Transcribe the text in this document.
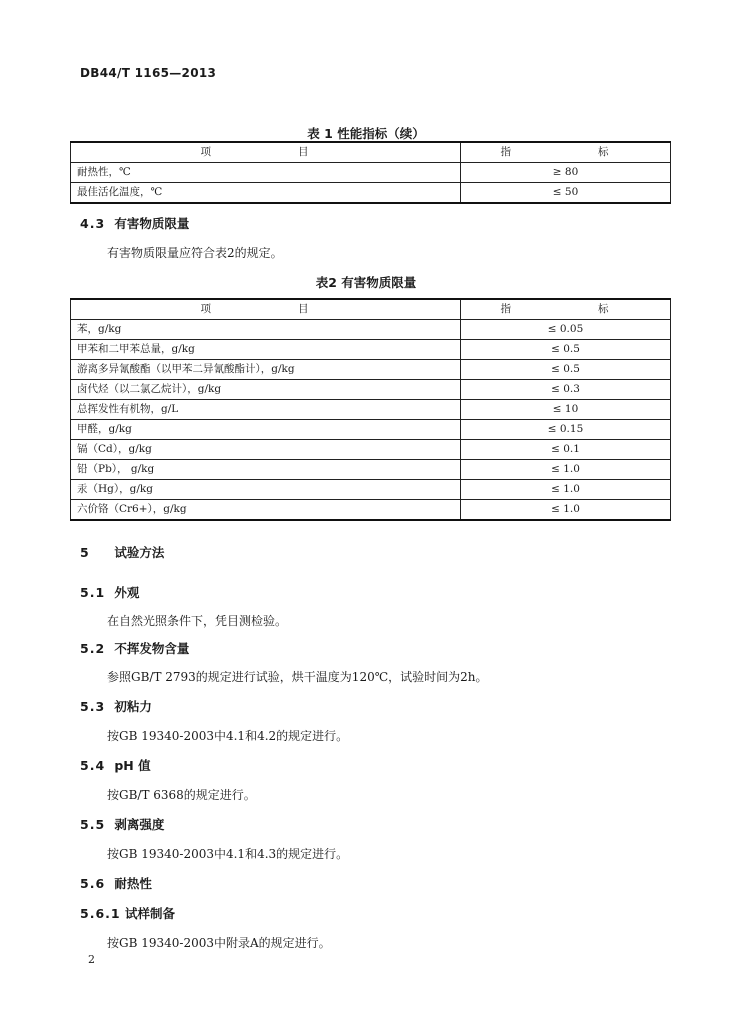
DB44/T 1165—2013
表 1 性能指标（续）
项　　目	指　　标
耐热性，℃	≥ 80
最佳活化温度，℃	≤ 50
4.3 有害物质限量
有害物质限量应符合表2的规定。
表2 有害物质限量
项　　目	指　　标
苯，g/kg	≤ 0.05
甲苯和二甲苯总量，g/kg	≤ 0.5
游离多异氰酸酯（以甲苯二异氰酸酯计），g/kg	≤ 0.5
卤代烃（以二氯乙烷计），g/kg	≤ 0.3
总挥发性有机物，g/L	≤ 10
甲醛，g/kg	≤ 0.15
镉（Cd），g/kg	≤ 0.1
铅（Pb）， g/kg	≤ 1.0
汞（Hg），g/kg	≤ 1.0
六价铬（Cr6+），g/kg	≤ 1.0
5 试验方法
5.1 外观
在自然光照条件下，凭目测检验。
5.2 不挥发物含量
参照GB/T 2793的规定进行试验，烘干温度为120℃，试验时间为2h。
5.3 初粘力
按GB 19340-2003中4.1和4.2的规定进行。
5.4 pH 值
按GB/T 6368的规定进行。
5.5 剥离强度
按GB 19340-2003中4.1和4.3的规定进行。
5.6 耐热性
5.6.1 试样制备
按GB 19340-2003中附录A的规定进行。
2
